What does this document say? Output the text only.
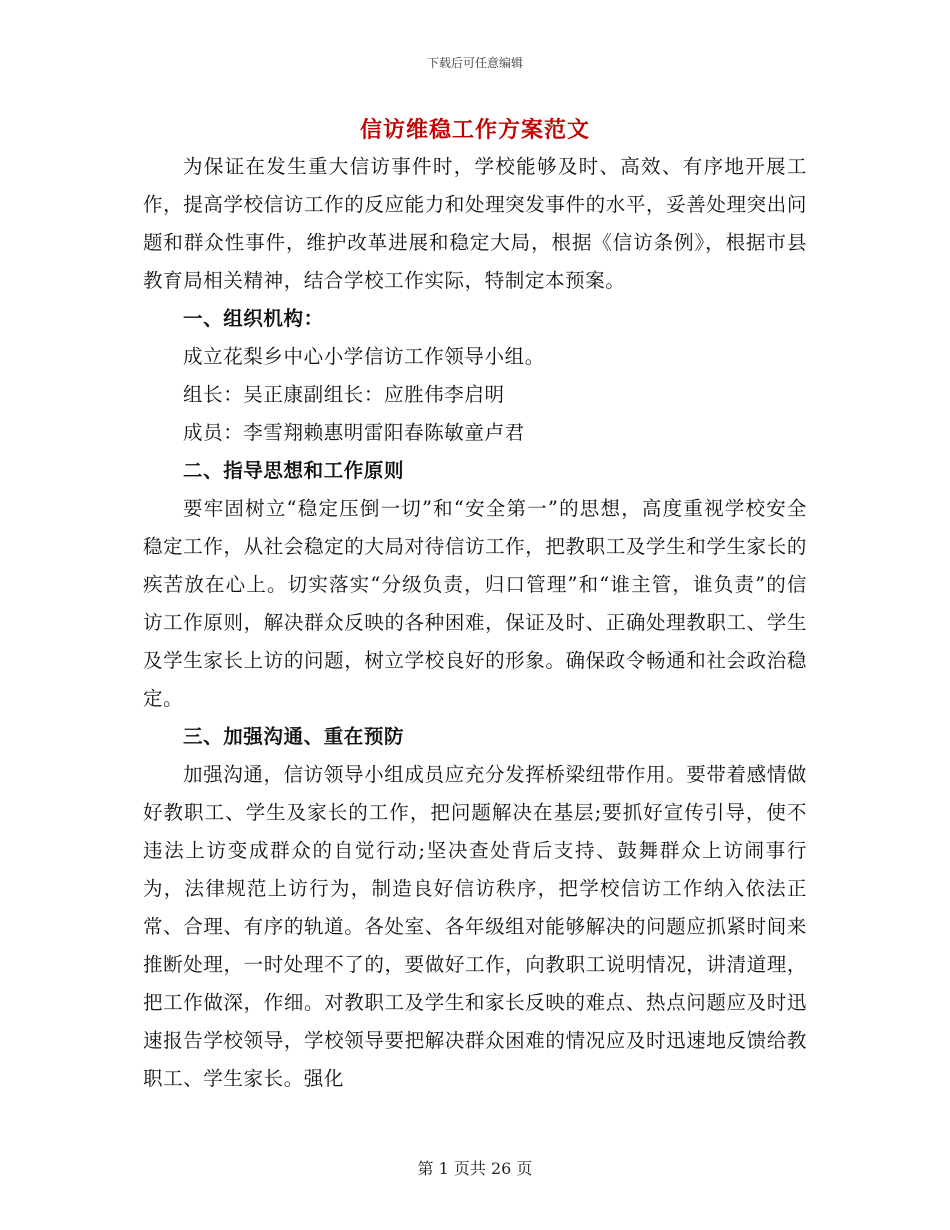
下载后可任意编辑
信访维稳工作方案范文

为保证在发生重大信访事件时，学校能够及时、高效、有序地开展工作，提高学校信访工作的反应能力和处理突发事件的水平，妥善处理突出问题和群众性事件，维护改革进展和稳定大局，根据《信访条例》，根据市县教育局相关精神，结合学校工作实际，特制定本预案。

一、组织机构：

成立花梨乡中心小学信访工作领导小组。

组长：吴正康副组长：应胜伟李启明

成员：李雪翔赖惠明雷阳春陈敏童卢君

二、指导思想和工作原则

要牢固树立“稳定压倒一切”和“安全第一”的思想，高度重视学校安全稳定工作，从社会稳定的大局对待信访工作，把教职工及学生和学生家长的疾苦放在心上。切实落实“分级负责，归口管理”和“谁主管，谁负责”的信访工作原则，解决群众反映的各种困难，保证及时、正确处理教职工、学生及学生家长上访的问题，树立学校良好的形象。确保政令畅通和社会政治稳定。

三、加强沟通、重在预防

加强沟通，信访领导小组成员应充分发挥桥梁纽带作用。要带着感情做好教职工、学生及家长的工作，把问题解决在基层;要抓好宣传引导，使不违法上访变成群众的自觉行动;坚决查处背后支持、鼓舞群众上访闹事行为，法律规范上访行为，制造良好信访秩序，把学校信访工作纳入依法正常、合理、有序的轨道。各处室、各年级组对能够解决的问题应抓紧时间来推断处理，一时处理不了的，要做好工作，向教职工说明情况，讲清道理，把工作做深，作细。对教职工及学生和家长反映的难点、热点问题应及时迅速报告学校领导，学校领导要把解决群众困难的情况应及时迅速地反馈给教职工、学生家长。强化

第 1 页共 26 页
